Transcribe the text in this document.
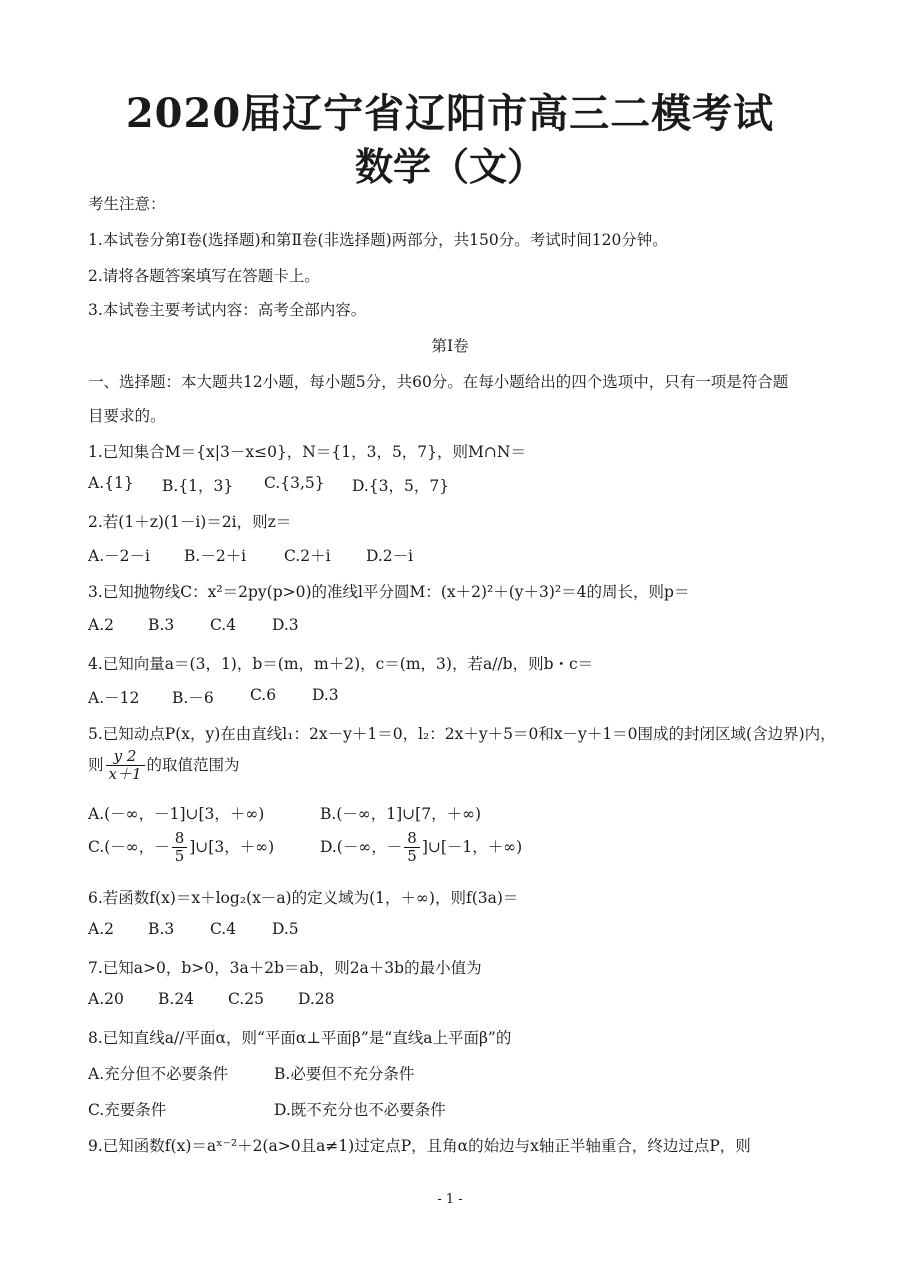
2020届辽宁省辽阳市高三二模考试
数学（文）
考生注意：
1.本试卷分第Ⅰ卷(选择题)和第Ⅱ卷(非选择题)两部分，共150分。考试时间120分钟。
2.请将各题答案填写在答题卡上。
3.本试卷主要考试内容：高考全部内容。
第Ⅰ卷
一、选择题：本大题共12小题，每小题5分，共60分。在每小题给出的四个选项中，只有一项是符合题
目要求的。
1.已知集合M＝{x|3－x≤0}，N＝{1，3，5，7}，则M∩N＝
A.{1} B.{1，3} C.{3,5} D.{3，5，7}
2.若(1＋z)(1－i)＝2i，则z＝
A.－2－i B.－2＋i C.2＋i D.2－i
3.已知抛物线C：x²＝2py(p>0)的准线l平分圆M：(x＋2)²＋(y＋3)²＝4的周长，则p＝
A.2 B.3 C.4 D.3
4.已知向量a＝(3，1)，b＝(m，m＋2)，c＝(m，3)，若a//b，则b・c＝
A.－12 B.－6 C.6 D.3
5.已知动点P(x，y)在由直线l₁：2x－y＋1＝0，l₂：2x＋y＋5＝0和x－y＋1＝0围成的封闭区域(含边界)内，
则 $\frac{y 2}{x+1}$ 的取值范围为
A.(－∞，－1]∪[3，＋∞)	B.(－∞，1]∪[7，＋∞)
C.(－∞，－ $\frac{8}{5}$ ]∪[3，＋∞)	D.(－∞，－ $\frac{8}{5}$ ]∪[－1，＋∞)
6.若函数f(x)＝x＋log₂(x－a)的定义域为(1，＋∞)，则f(3a)＝
A.2 B.3 C.4 D.5
7.已知a>0，b>0，3a＋2b＝ab，则2a＋3b的最小值为
A.20 B.24 C.25 D.28
8.已知直线a//平面α，则“平面α⊥平面β”是“直线a上平面β”的
A.充分但不必要条件	B.必要但不充分条件
C.充要条件	D.既不充分也不必要条件
9.已知函数f(x)＝aˣ⁻²＋2(a>0且a≠1)过定点P，且角α的始边与x轴正半轴重合，终边过点P，则
- 1 -
